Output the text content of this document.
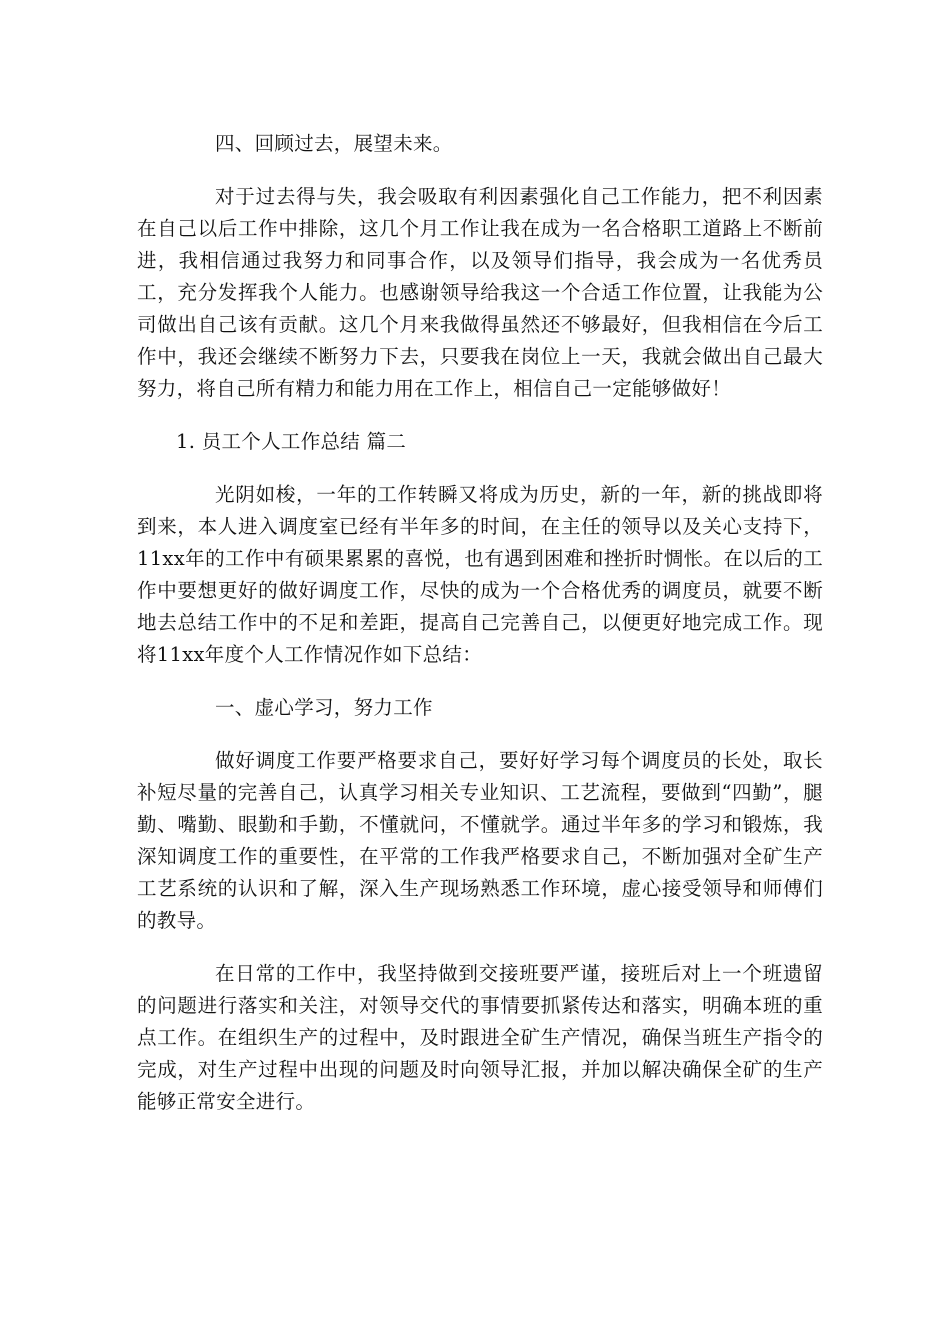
四、回顾过去，展望未来。

对于过去得与失，我会吸取有利因素强化自己工作能力，把不利因素在自己以后工作中排除，这几个月工作让我在成为一名合格职工道路上不断前进，我相信通过我努力和同事合作，以及领导们指导，我会成为一名优秀员工，充分发挥我个人能力。也感谢领导给我这一个合适工作位置，让我能为公司做出自己该有贡献。这几个月来我做得虽然还不够最好，但我相信在今后工作中，我还会继续不断努力下去，只要我在岗位上一天，我就会做出自己最大努力，将自己所有精力和能力用在工作上，相信自己一定能够做好！

1. 员工个人工作总结 篇二

光阴如梭，一年的工作转瞬又将成为历史，新的一年，新的挑战即将到来，本人进入调度室已经有半年多的时间，在主任的领导以及关心支持下，11xx年的工作中有硕果累累的喜悦，也有遇到困难和挫折时惆怅。在以后的工作中要想更好的做好调度工作，尽快的成为一个合格优秀的调度员，就要不断地去总结工作中的不足和差距，提高自己完善自己，以便更好地完成工作。现将11xx年度个人工作情况作如下总结：

一、虚心学习，努力工作

做好调度工作要严格要求自己，要好好学习每个调度员的长处，取长补短尽量的完善自己，认真学习相关专业知识、工艺流程，要做到“四勤”，腿勤、嘴勤、眼勤和手勤，不懂就问，不懂就学。通过半年多的学习和锻炼，我深知调度工作的重要性，在平常的工作我严格要求自己，不断加强对全矿生产工艺系统的认识和了解，深入生产现场熟悉工作环境，虚心接受领导和师傅们的教导。

在日常的工作中，我坚持做到交接班要严谨，接班后对上一个班遗留的问题进行落实和关注，对领导交代的事情要抓紧传达和落实，明确本班的重点工作。在组织生产的过程中，及时跟进全矿生产情况，确保当班生产指令的完成，对生产过程中出现的问题及时向领导汇报，并加以解决确保全矿的生产能够正常安全进行。
